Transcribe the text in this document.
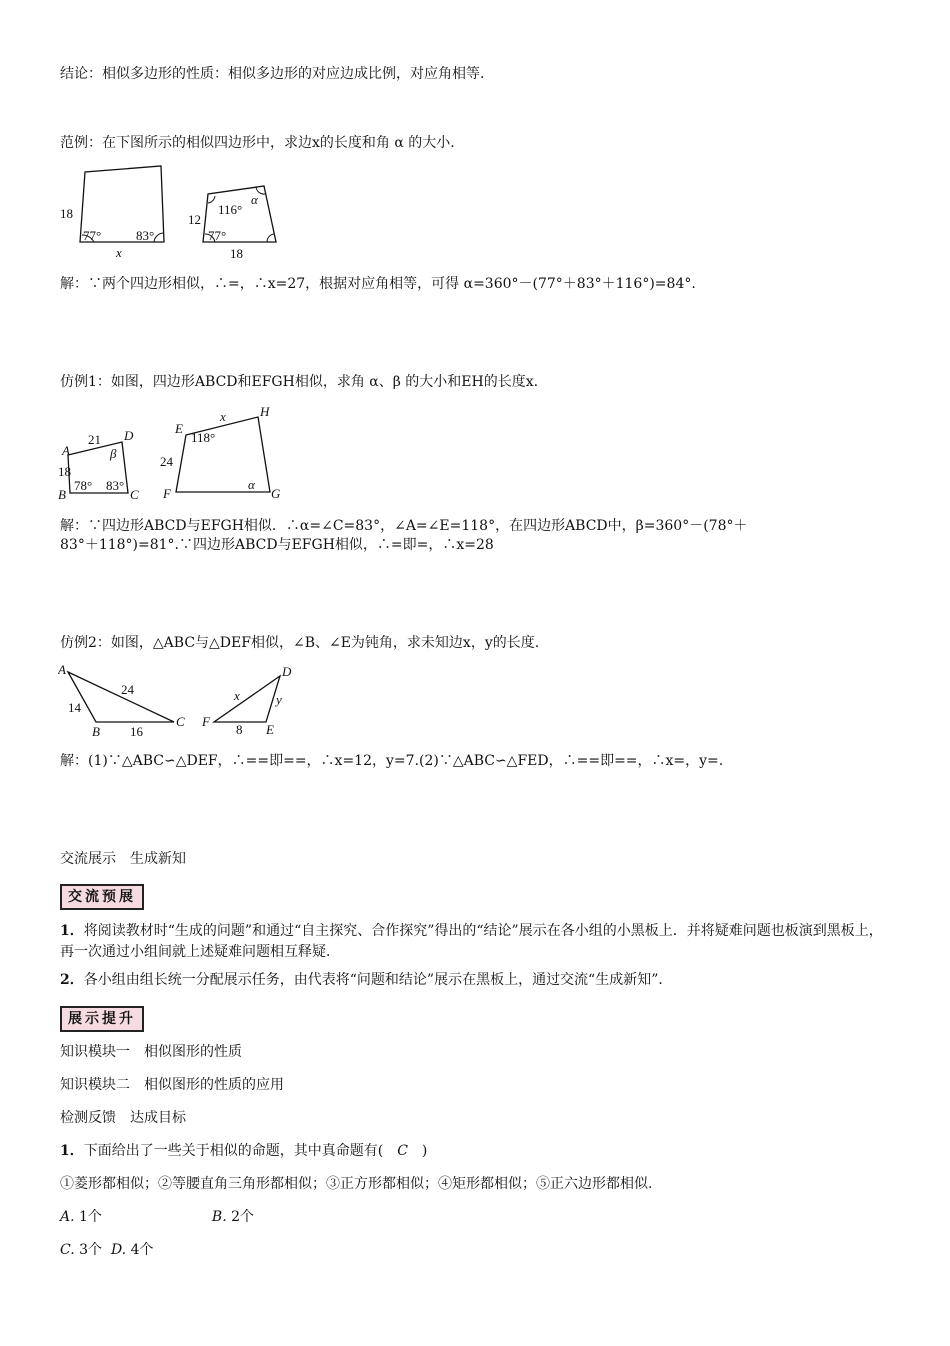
结论：相似多边形的性质：相似多边形的对应边成比例，对应角相等.
范例：在下图所示的相似四边形中，求边x的长度和角 α 的大小.
18
77°	83°
x
12
116°
α
77°
18
解：∵两个四边形相似，∴=，∴x=27，根据对应角相等，可得 α=360°－(77°＋83°＋116°)=84°.
仿例1：如图，四边形ABCD和EFGH相似，求角 α、β 的大小和EH的长度x.
A
B	C
D
21
18
β
78° 83°
E
F	G
H
x
118°
24
α
解：∵四边形ABCD与EFGH相似．∴α=∠C=83°，∠A=∠E=118°，在四边形ABCD中，β=360°－(78°＋
83°＋118°)=81°.∵四边形ABCD与EFGH相似，∴=即=，∴x=28
仿例2：如图，△ABC与△DEF相似，∠B、∠E为钝角，求未知边x，y的长度.
A
B
C
24
14
16
D
E
F
x	y
8
解：(1)∵△ABC∽△DEF，∴==即==，∴x=12，y=7.(2)∵△ABC∽△FED，∴==即==，∴x=，y=.
交流展示　生成新知
交流预展
1．将阅读教材时“生成的问题”和通过“自主探究、合作探究”得出的“结论”展示在各小组的小黑板上．并将疑难问题也板演到黑板上，再一次通过小组间就上述疑难问题相互释疑．
2．各小组由组长统一分配展示任务，由代表将“问题和结论”展示在黑板上，通过交流“生成新知”．
展示提升
知识模块一　相似图形的性质
知识模块二　相似图形的性质的应用
检测反馈　达成目标
1．下面给出了一些关于相似的命题，其中真命题有(　C　)
①菱形都相似；②等腰直角三角形都相似；③正方形都相似；④矩形都相似；⑤正六边形都相似.
A. 1个	B. 2个
C. 3个 D. 4个
